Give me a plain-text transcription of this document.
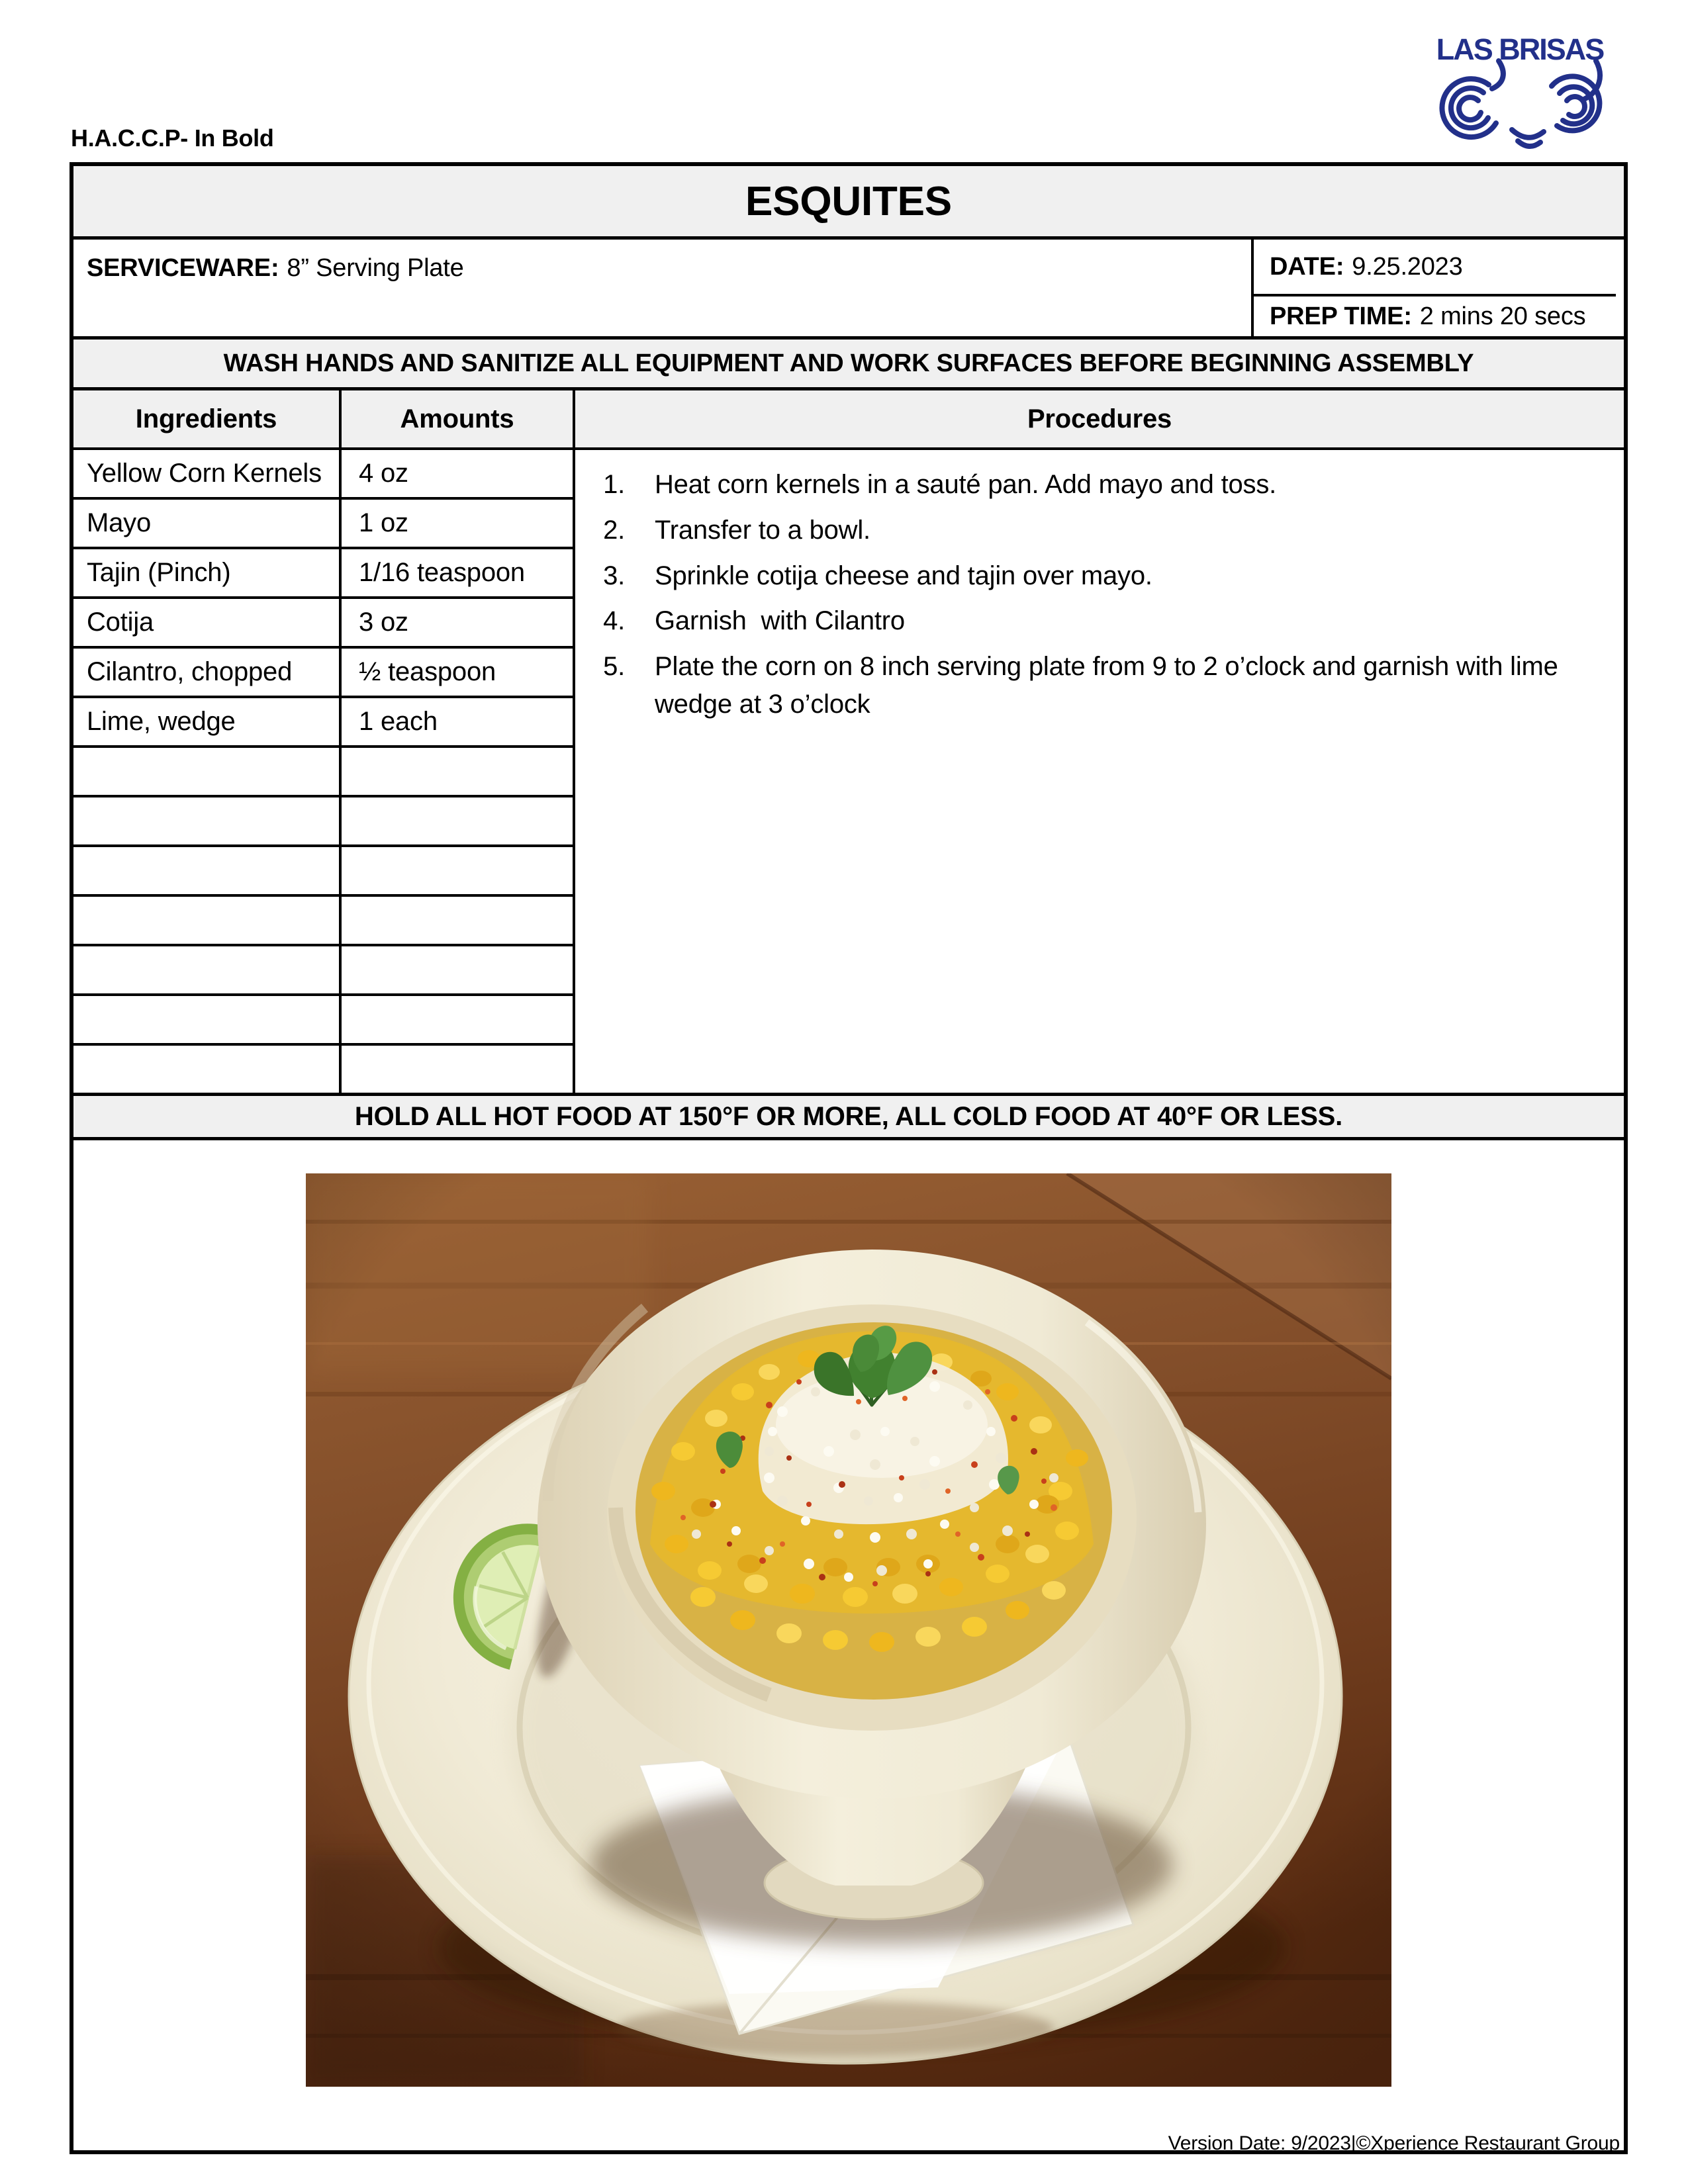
H.A.C.C.P- In Bold
LAS BRISAS
ESQUITES
SERVICEWARE: 8” Serving Plate	DATE: 9.25.2023
PREP TIME: 2 mins 20 secs
WASH HANDS AND SANITIZE ALL EQUIPMENT AND WORK SURFACES BEFORE BEGINNING ASSEMBLY
Ingredients	Amounts	Procedures
Yellow Corn Kernels	4 oz
Mayo	1 oz
Tajin (Pinch)	1/16 teaspoon
Cotija	3 oz
Cilantro, chopped	½ teaspoon
Lime, wedge	1 each
1. Heat corn kernels in a sauté pan. Add mayo and toss.
2. Transfer to a bowl.
3. Sprinkle cotija cheese and tajin over mayo.
4. Garnish  with Cilantro
5. Plate the corn on 8 inch serving plate from 9 to 2 o’clock and garnish with lime wedge at 3 o’clock
HOLD ALL HOT FOOD AT 150°F OR MORE, ALL COLD FOOD AT 40°F OR LESS.
Version Date: 9/2023|©Xperience Restaurant Group
